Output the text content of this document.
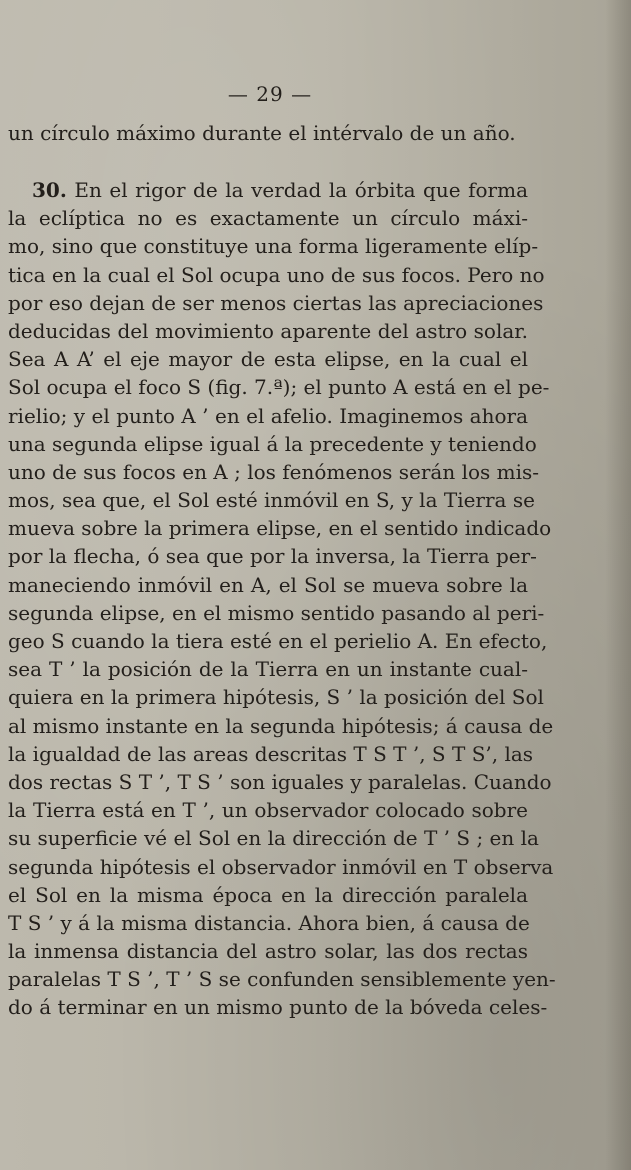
— 29 —
un círculo máximo durante el intérvalo de un año.
30. En el rigor de la verdad la órbita que forma
la eclíptica no es exactamente un círculo máxi-
mo, sino que constituye una forma ligeramente elíp-
tica en la cual el Sol ocupa uno de sus focos. Pero no
por eso dejan de ser menos ciertas las apreciaciones
deducidas del movimiento aparente del astro solar.
Sea A A’ el eje mayor de esta elipse, en la cual el
Sol ocupa el foco S (fig. 7.ª); el punto A está en el pe-
rielio; y el punto A ’ en el afelio. Imaginemos ahora
una segunda elipse igual á la precedente y teniendo
uno de sus focos en A ; los fenómenos serán los mis-
mos, sea que, el Sol esté inmóvil en S, y la Tierra se
mueva sobre la primera elipse, en el sentido indicado
por la flecha, ó sea que por la inversa, la Tierra per-
maneciendo inmóvil en A, el Sol se mueva sobre la
segunda elipse, en el mismo sentido pasando al peri-
geo S cuando la tiera esté en el perielio A. En efecto,
sea T ’ la posición de la Tierra en un instante cual-
quiera en la primera hipótesis, S ’ la posición del Sol
al mismo instante en la segunda hipótesis; á causa de
la igualdad de las areas descritas T S T ’, S T S’, las
dos rectas S T ’, T S ’ son iguales y paralelas. Cuando
la Tierra está en T ’, un observador colocado sobre
su superficie vé el Sol en la dirección de T ’ S ; en la
segunda hipótesis el observador inmóvil en T observa
el Sol en la misma época en la dirección paralela
T S ’ y á la misma distancia. Ahora bien, á causa de
la inmensa distancia del astro solar, las dos rectas
paralelas T S ’, T ’ S se confunden sensiblemente yen-
do á terminar en un mismo punto de la bóveda celes-
